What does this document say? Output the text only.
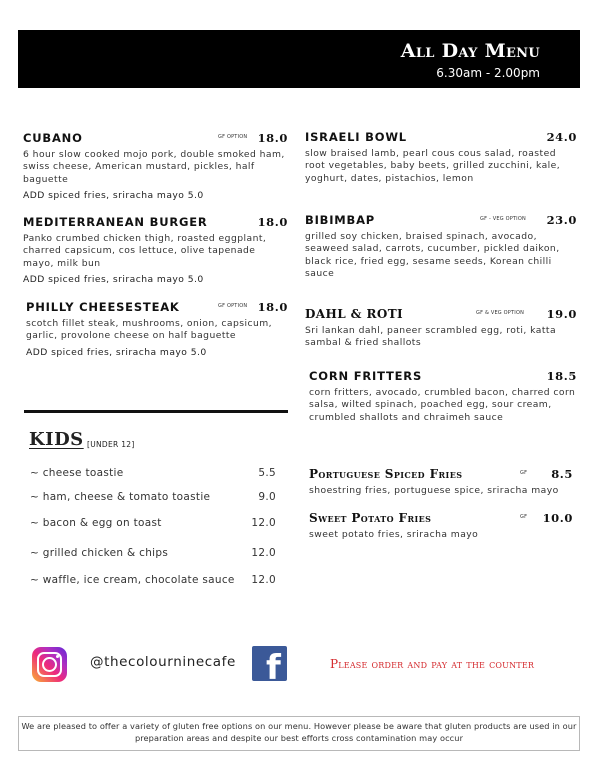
All Day Menu
6.30am - 2.00pm
CUBANO	GF OPTION 18.0
6 hour slow cooked mojo pork, double smoked ham, swiss cheese, American mustard, pickles, half baguette
ADD spiced fries, sriracha mayo 5.0
MEDITERRANEAN BURGER	18.0
Panko crumbed chicken thigh, roasted eggplant, charred capsicum, cos lettuce, olive tapenade mayo, milk bun
ADD spiced fries, sriracha mayo 5.0
PHILLY CHEESESTEAK	GF OPTION 18.0
scotch fillet steak, mushrooms, onion, capsicum, garlic, provolone cheese on half baguette
ADD spiced fries, sriracha mayo 5.0
KIDS [UNDER 12]
~ cheese toastie	5.5
~ ham, cheese & tomato toastie	9.0
~ bacon & egg on toast	12.0
~ grilled chicken & chips	12.0
~ waffle, ice cream, chocolate sauce 12.0
ISRAELI BOWL	24.0
slow braised lamb, pearl cous cous salad, roasted root vegetables, baby beets, grilled zucchini, kale, yoghurt, dates, pistachios, lemon
BIBIMBAP	GF - VEG OPTION 23.0
grilled soy chicken, braised spinach, avocado, seaweed salad, carrots, cucumber, pickled daikon, black rice, fried egg, sesame seeds, Korean chilli sauce
DAHL & ROTI	GF & VEG OPTION 19.0
Sri lankan dahl, paneer scrambled egg, roti, katta sambal & fried shallots
CORN FRITTERS	18.5
corn fritters, avocado, crumbled bacon, charred corn salsa, wilted spinach, poached egg, sour cream, crumbled shallots and chraimeh sauce
Portuguese Spiced Fries	GF 8.5
shoestring fries, portuguese spice, sriracha mayo
Sweet Potato Fries	GF 10.0
sweet potato fries, sriracha mayo
@thecolourninecafe f	Please order and pay at the counter

We are pleased to offer a variety of gluten free options on our menu. However please be aware that gluten products are used in our preparation areas and despite our best efforts cross contamination may occur
